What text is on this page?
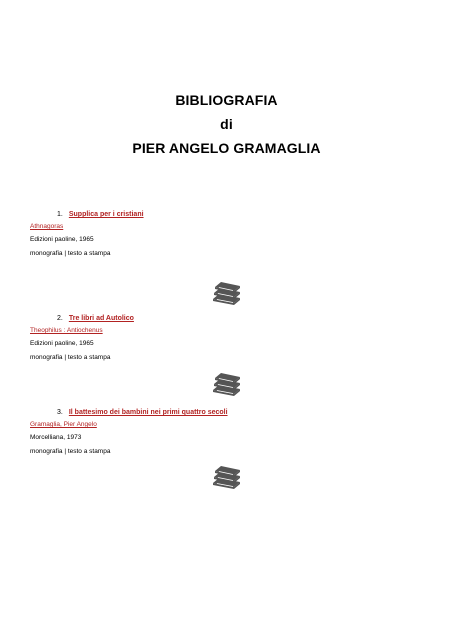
BIBLIOGRAFIA
di
PIER ANGELO GRAMAGLIA
1. Supplica per i cristiani
Athnagoras
Edizioni paoline, 1965
monografia | testo a stampa
2. Tre libri ad Autolico
Theophilus : Antiochenus
Edizioni paoline, 1965
monografia | testo a stampa
3. Il battesimo dei bambini nei primi quattro secoli
Gramaglia, Pier Angelo
Morcelliana, 1973
monografia | testo a stampa
